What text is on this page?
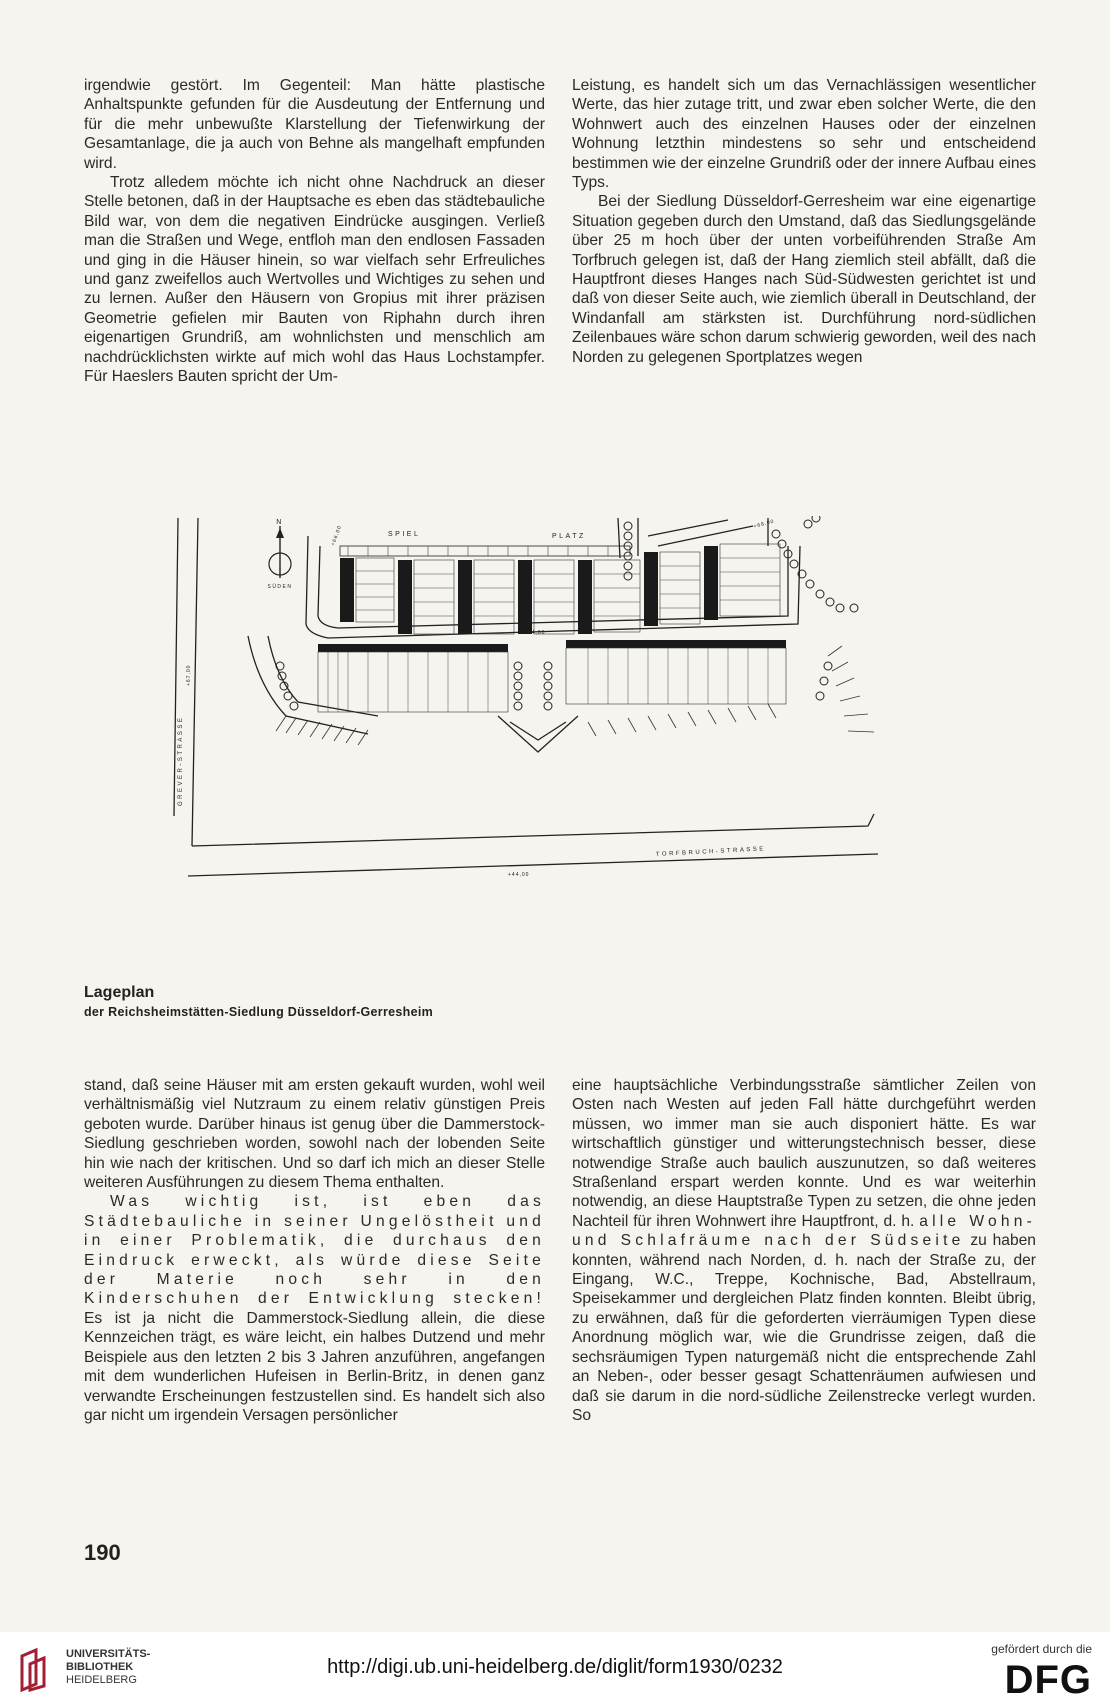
irgendwie gestört. Im Gegenteil: Man hätte plastische Anhaltspunkte gefunden für die Ausdeutung der Entfernung und für die mehr unbewußte Klarstellung der Tiefenwirkung der Gesamtanlage, die ja auch von Behne als mangelhaft empfunden wird.

Trotz alledem möchte ich nicht ohne Nachdruck an dieser Stelle betonen, daß in der Hauptsache es eben das städtebauliche Bild war, von dem die negativen Eindrücke ausgingen. Verließ man die Straßen und Wege, entfloh man den endlosen Fassaden und ging in die Häuser hinein, so war vielfach sehr Erfreuliches und ganz zweifellos auch Wertvolles und Wichtiges zu sehen und zu lernen. Außer den Häusern von Gropius mit ihrer präzisen Geometrie gefielen mir Bauten von Riphahn durch ihren eigenartigen Grundriß, am wohnlichsten und menschlich am nachdrücklichsten wirkte auf mich wohl das Haus Lochstampfer. Für Haeslers Bauten spricht der Um-

Leistung, es handelt sich um das Vernachlässigen wesentlicher Werte, das hier zutage tritt, und zwar eben solcher Werte, die den Wohnwert auch des einzelnen Hauses oder der einzelnen Wohnung letzthin mindestens so sehr und entscheidend bestimmen wie der einzelne Grundriß oder der innere Aufbau eines Typs.

Bei der Siedlung Düsseldorf-Gerresheim war eine eigenartige Situation gegeben durch den Umstand, daß das Siedlungsgelände über 25 m hoch über der unten vorbeiführenden Straße Am Torfbruch gelegen ist, daß der Hang ziemlich steil abfällt, daß die Hauptfront dieses Hanges nach Süd-Südwesten gerichtet ist und daß von dieser Seite auch, wie ziemlich überall in Deutschland, der Windanfall am stärksten ist. Durchführung nord-südlichen Zeilenbaues wäre schon darum schwierig geworden, weil des nach Norden zu gelegenen Sportplatzes wegen

N
SÜDEN
SPIEL	PLATZ
GREVER-STRASSE
TORFBRUCH-STRASSE
+67,00
+64,00
+66,00
+68,00
+44,00
Lageplan
der Reichsheimstätten-Siedlung Düsseldorf-Gerresheim

stand, daß seine Häuser mit am ersten gekauft wurden, wohl weil verhältnismäßig viel Nutzraum zu einem relativ günstigen Preis geboten wurde. Darüber hinaus ist genug über die Dammerstock-Siedlung geschrieben worden, sowohl nach der lobenden Seite hin wie nach der kritischen. Und so darf ich mich an dieser Stelle weiteren Ausführungen zu diesem Thema enthalten.

Was wichtig ist, ist eben das Städtebauliche in seiner Ungelöstheit und in einer Problematik, die durchaus den Eindruck erweckt, als würde diese Seite der Materie noch sehr in den Kinderschuhen der Entwicklung stecken! Es ist ja nicht die Dammerstock-Siedlung allein, die diese Kennzeichen trägt, es wäre leicht, ein halbes Dutzend und mehr Beispiele aus den letzten 2 bis 3 Jahren anzuführen, angefangen mit dem wunderlichen Hufeisen in Berlin-Britz, in denen ganz verwandte Erscheinungen festzustellen sind. Es handelt sich also gar nicht um irgendein Versagen persönlicher

eine hauptsächliche Verbindungsstraße sämtlicher Zeilen von Osten nach Westen auf jeden Fall hätte durchgeführt werden müssen, wo immer man sie auch disponiert hätte. Es war wirtschaftlich günstiger und witterungstechnisch besser, diese notwendige Straße auch baulich auszunutzen, so daß weiteres Straßenland erspart werden konnte. Und es war weiterhin notwendig, an diese Hauptstraße Typen zu setzen, die ohne jeden Nachteil für ihren Wohnwert ihre Hauptfront, d. h. alle Wohn- und Schlafräume nach der Südseite zu haben konnten, während nach Norden, d. h. nach der Straße zu, der Eingang, W.C., Treppe, Kochnische, Bad, Abstellraum, Speisekammer und dergleichen Platz finden konnten. Bleibt übrig, zu erwähnen, daß für die geforderten vierräumigen Typen diese Anordnung möglich war, wie die Grundrisse zeigen, daß die sechsräumigen Typen naturgemäß nicht die entsprechende Zahl an Neben-, oder besser gesagt Schattenräumen aufwiesen und daß sie darum in die nord-südliche Zeilenstrecke verlegt wurden. So

190
UNIVERSITÄTS-
BIBLIOTHEK
HEIDELBERG
http://digi.ub.uni-heidelberg.de/diglit/form1930/0232
gefördert durch die
DFG
